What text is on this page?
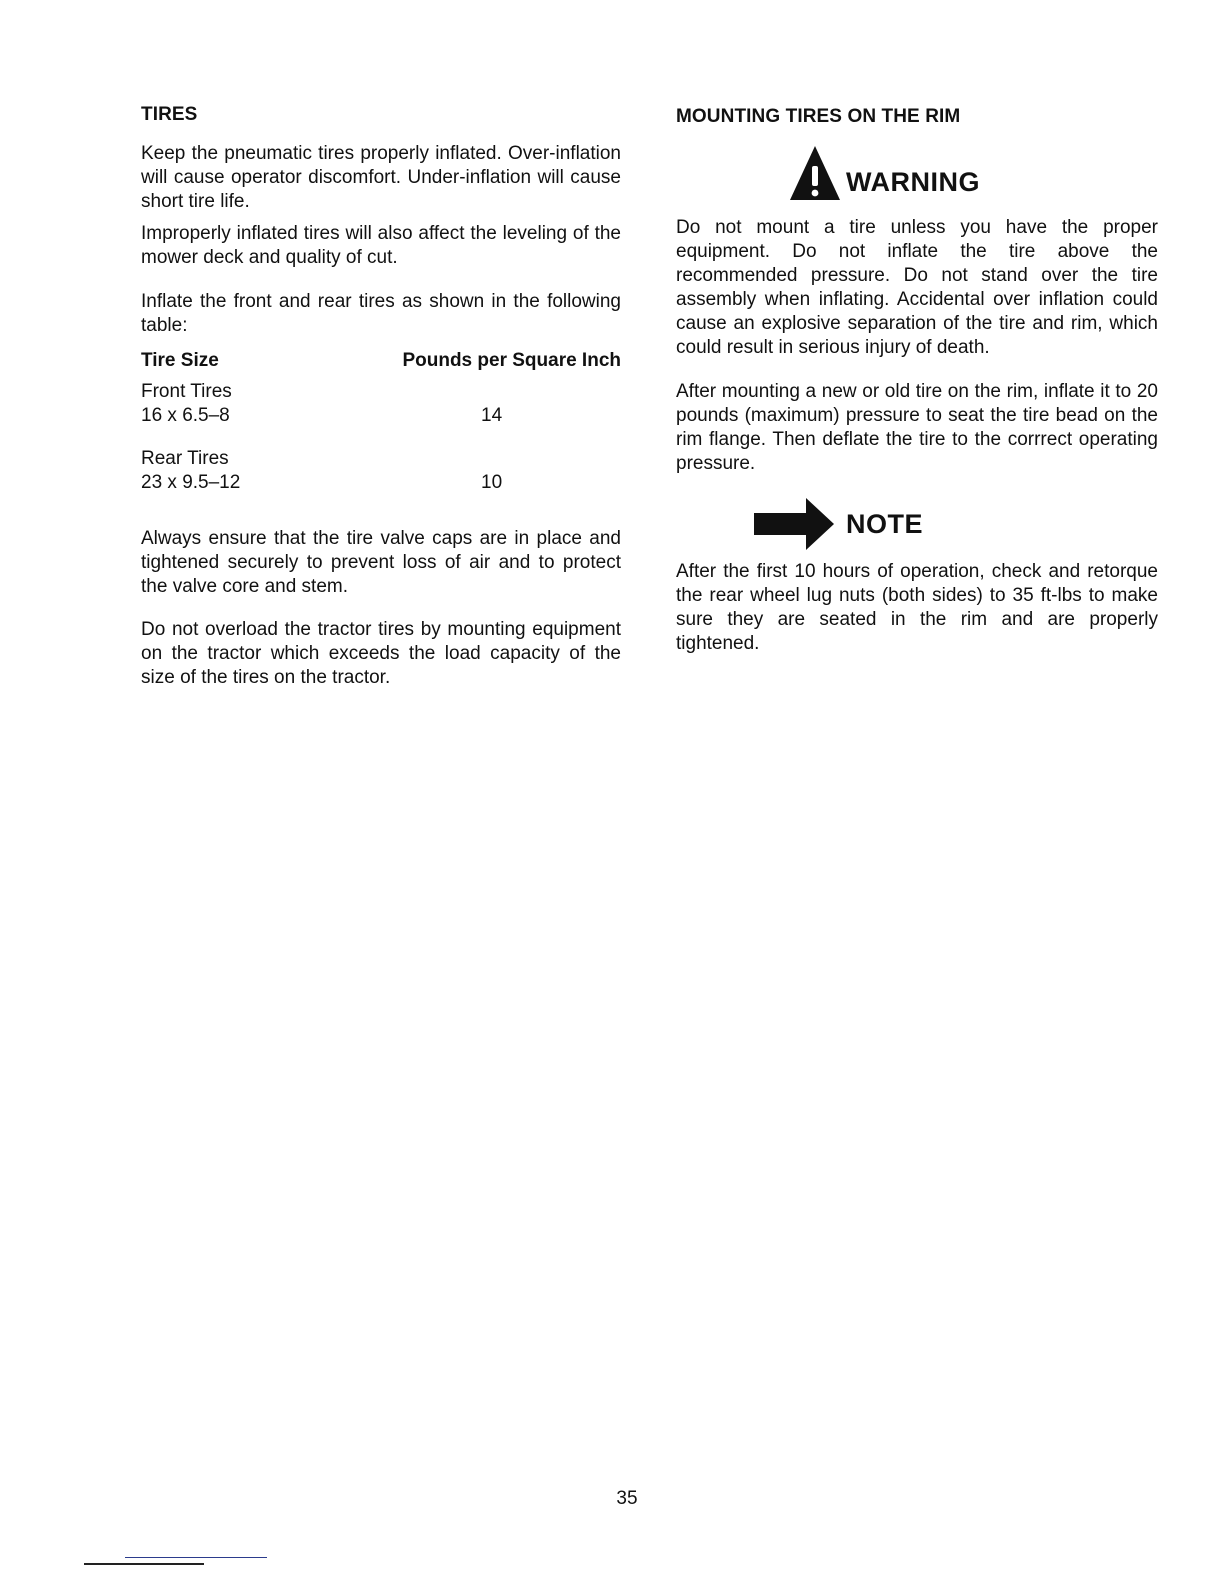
TIRES

Keep the pneumatic tires properly inflated. Over-inflation will cause operator discomfort. Under-inflation will cause short tire life.

Improperly inflated tires will also affect the leveling of the mower deck and quality of cut.

Inflate the front and rear tires as shown in the following table:

Tire Size	Pounds per Square Inch
Front Tires
16 x 6.5–8	14
Rear Tires
23 x 9.5–12	10

Always ensure that the tire valve caps are in place and tightened securely to prevent loss of air and to protect the valve core and stem.

Do not overload the tractor tires by mounting equipment on the tractor which exceeds the load capacity of the size of the tires on the tractor.

MOUNTING TIRES ON THE RIM
WARNING

Do not mount a tire unless you have the proper equipment. Do not inflate the tire above the recommended pressure. Do not stand over the tire assembly when inflating. Accidental over inflation could cause an explosive separation of the tire and rim, which could result in serious injury of death.

After mounting a new or old tire on the rim, inflate it to 20 pounds (maximum) pressure to seat the tire bead on the rim flange. Then deflate the tire to the corrrect operating pressure.

NOTE

After the first 10 hours of operation, check and retorque the rear wheel lug nuts (both sides) to 35 ft-lbs to make sure they are seated in the rim and are properly tightened.

35
